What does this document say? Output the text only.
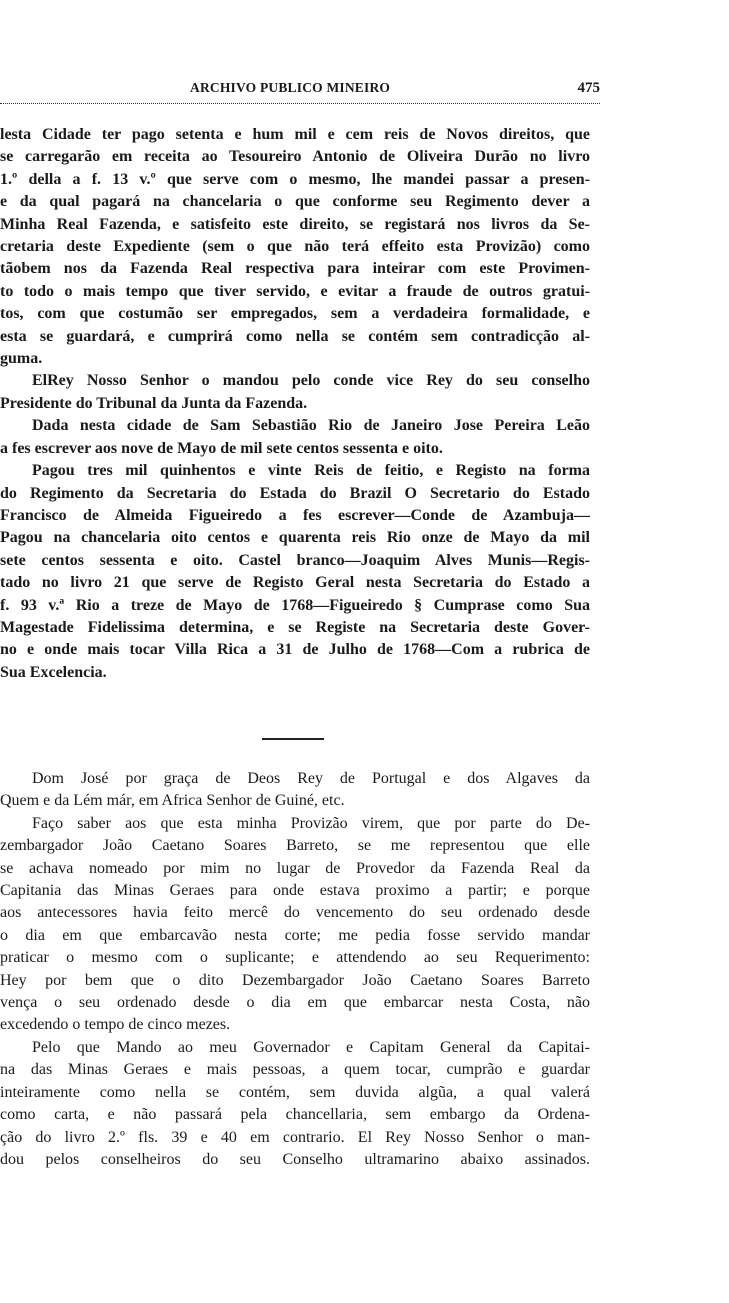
ARCHIVO PUBLICO MINEIRO	475
lesta Cidade ter pago setenta e hum mil e cem reis de Novos direitos, que
se carregarão em receita ao Tesoureiro Antonio de Oliveira Durão no livro
1.º della a f. 13 v.º que serve com o mesmo, lhe mandei passar a presen-
e da qual pagará na chancelaria o que conforme seu Regimento dever a
Minha Real Fazenda, e satisfeito este direito, se registará nos livros da Se-
cretaria deste Expediente (sem o que não terá effeito esta Provizão) como
tãobem nos da Fazenda Real respectiva para inteirar com este Provimen-
to todo o mais tempo que tiver servido, e evitar a fraude de outros gratui-
tos, com que costumão ser empregados, sem a verdadeira formalidade, e
esta se guardará, e cumprirá como nella se contém sem contradicção al-
guma.
ElRey Nosso Senhor o mandou pelo conde vice Rey do seu conselho
Presidente do Tribunal da Junta da Fazenda.
Dada nesta cidade de Sam Sebastião Rio de Janeiro Jose Pereira Leão
a fes escrever aos nove de Mayo de mil sete centos sessenta e oito.
Pagou tres mil quinhentos e vinte Reis de feitio, e Registo na forma
do Regimento da Secretaria do Estada do Brazil O Secretario do Estado
Francisco de Almeida Figueiredo a fes escrever—Conde de Azambuja—
Pagou na chancelaria oito centos e quarenta reis Rio onze de Mayo da mil
sete centos sessenta e oito. Castel branco—Joaquim Alves Munis—Regis-
tado no livro 21 que serve de Registo Geral nesta Secretaria do Estado a
f. 93 v.ª Rio a treze de Mayo de 1768—Figueiredo § Cumprase como Sua
Magestade Fidelissima determina, e se Registe na Secretaria deste Gover-
no e onde mais tocar Villa Rica a 31 de Julho de 1768—Com a rubrica de
Sua Excelencia.
Dom José por graça de Deos Rey de Portugal e dos Algaves da
Quem e da Lém már, em Africa Senhor de Guiné, etc.
Faço saber aos que esta minha Provizão virem, que por parte do De-
zembargador João Caetano Soares Barreto, se me representou que elle
se achava nomeado por mim no lugar de Provedor da Fazenda Real da
Capitania das Minas Geraes para onde estava proximo a partir; e porque
aos antecessores havia feito mercê do vencemento do seu ordenado desde
o dia em que embarcavão nesta corte; me pedia fosse servido mandar
praticar o mesmo com o suplicante; e attendendo ao seu Requerimento:
Hey por bem que o dito Dezembargador João Caetano Soares Barreto
vença o seu ordenado desde o dia em que embarcar nesta Costa, não
excedendo o tempo de cinco mezes.
Pelo que Mando ao meu Governador e Capitam General da Capitai-
na das Minas Geraes e mais pessoas, a quem tocar, cumprão e guardar
inteiramente como nella se contém, sem duvida algũa, a qual valerá
como carta, e não passará pela chancellaria, sem embargo da Ordena-
ção do livro 2.º fls. 39 e 40 em contrario. El Rey Nosso Senhor o man-
dou pelos conselheiros do seu Conselho ultramarino abaixo assinados.
